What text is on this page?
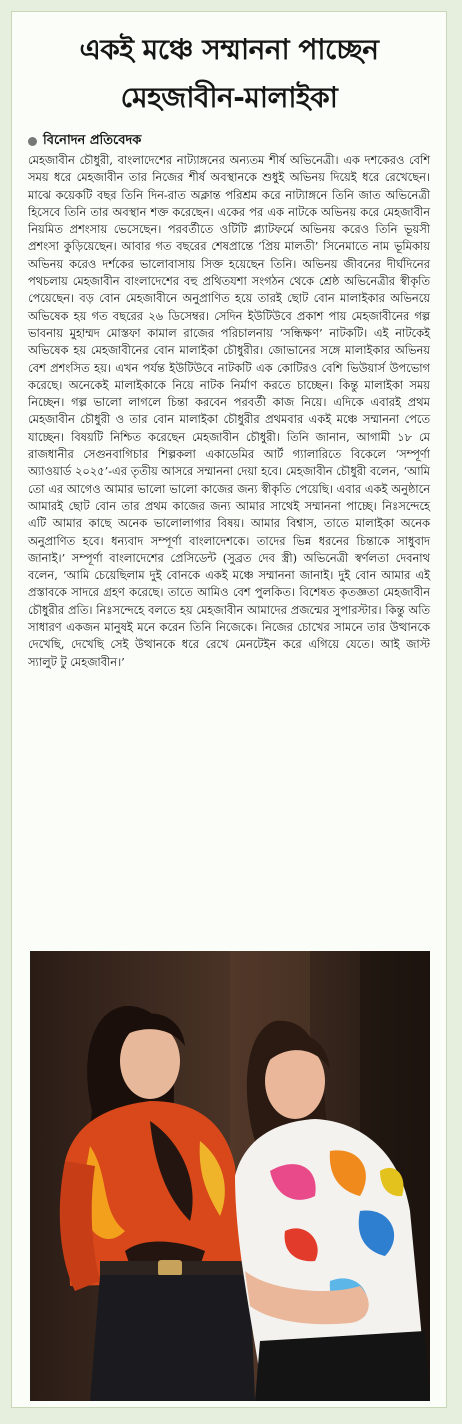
একই মঞ্চে সম্মাননা পাচ্ছেন
মেহজাবীন-মালাইকা
বিনোদন প্রতিবেদক
মেহজাবীন চৌধুরী, বাংলাদেশের নাট্যাঙ্গনের অন্যতম শীর্ষ অভিনেত্রী। এক দশকেরও বেশি সময় ধরে মেহজাবীন তার নিজের শীর্ষ অবস্থানকে শুধুই অভিনয় দিয়েই ধরে রেখেছেন। মাঝে কয়েকটি বছর তিনি দিন-রাত অক্লান্ত পরিশ্রম করে নাট্যাঙ্গনে তিনি জাত অভিনেত্রী হিসেবে তিনি তার অবস্থান শক্ত করেছেন। একের পর এক নাটকে অভিনয় করে মেহজাবীন নিয়মিত প্রশংসায় ভেসেছেন। পরবর্তীতে ওটিটি প্ল্যাটফর্মে অভিনয় করেও তিনি ভূয়সী প্রশংসা কুড়িয়েছেন। আবার গত বছরের শেষপ্রান্তে ‘প্রিয় মালতী’ সিনেমাতে নাম ভূমিকায় অভিনয় করেও দর্শকের ভালোবাসায় সিক্ত হয়েছেন তিনি। অভিনয় জীবনের দীর্ঘদিনের পথচলায় মেহজাবীন বাংলাদেশের বহু প্রথিতযশা সংগঠন থেকে শ্রেষ্ঠ অভিনেত্রীর স্বীকৃতি পেয়েছেন। বড় বোন মেহজাবীনে অনুপ্রাণিত হয়ে তারই ছোট বোন মালাইকার অভিনয়ে অভিষেক হয় গত বছরের ২৬ ডিসেম্বর। সেদিন ইউটিউবে প্রকাশ পায় মেহজাবীনের গল্প ভাবনায় মুহাম্মদ মোস্তফা কামাল রাজের পরিচালনায় ‘সন্ধিক্ষণ’ নাটকটি। এই নাটকেই অভিষেক হয় মেহজাবীনের বোন মালাইকা চৌধুরীর। জোভানের সঙ্গে মালাইকার অভিনয় বেশ প্রশংসিত হয়। এখন পর্যন্ত ইউটিউবে নাটকটি এক কোটিরও বেশি ভিউয়ার্স উপভোগ করেছে। অনেকেই মালাইকাকে নিয়ে নাটক নির্মাণ করতে চাচ্ছেন। কিন্তু মালাইকা সময় নিচ্ছেন। গল্প ভালো লাগলে চিন্তা করবেন পরবর্তী কাজ নিয়ে। এদিকে এবারই প্রথম মেহজাবীন চৌধুরী ও তার বোন মালাইকা চৌধুরীর প্রথমবার একই মঞ্চে সম্মাননা পেতে যাচ্ছেন। বিষয়টি নিশ্চিত করেছেন মেহজাবীন চৌধুরী। তিনি জানান, আগামী ১৮ মে রাজধানীর সেগুনবাগিচার শিল্পকলা একাডেমির আর্ট গ্যালারিতে বিকেলে ‘সম্পূর্ণা অ্যাওয়ার্ড ২০২৫’-এর তৃতীয় আসরে সম্মাননা দেয়া হবে। মেহজাবীন চৌধুরী বলেন, ‘আমি তো এর আগেও আমার ভালো ভালো কাজের জন্য স্বীকৃতি পেয়েছি। এবার একই অনুষ্ঠানে আমারই ছোট বোন তার প্রথম কাজের জন্য আমার সাথেই সম্মাননা পাচ্ছে। নিঃসন্দেহে এটি আমার কাছে অনেক ভালোলাগার বিষয়। আমার বিশ্বাস, তাতে মালাইকা অনেক অনুপ্রাণিত হবে। ধন্যবাদ সম্পূর্ণা বাংলাদেশকে। তাদের ভিন্ন ধরনের চিন্তাকে সাধুবাদ জানাই।’ সম্পূর্ণা বাংলাদেশের প্রেসিডেন্ট (সুব্রত দেব স্ত্রী) অভিনেত্রী স্বর্ণলতা দেবনাথ বলেন, ‘আমি চেয়েছিলাম দুই বোনকে একই মঞ্চে সম্মাননা জানাই। দুই বোন আমার এই প্রস্তাবকে সাদরে গ্রহণ করেছে। তাতে আমিও বেশ পুলকিত। বিশেষত কৃতজ্ঞতা মেহজাবীন চৌধুরীর প্রতি। নিঃসন্দেহে বলতে হয় মেহজাবীন আমাদের প্রজন্মের সুপারস্টার। কিন্তু অতি সাধারণ একজন মানুষই মনে করেন তিনি নিজেকে। নিজের চোখের সামনে তার উত্থানকে দেখেছি, দেখেছি সেই উত্থানকে ধরে রেখে মেনটেইন করে এগিয়ে যেতে। আই জাস্ট স্যালুট টু মেহজাবীন।’
